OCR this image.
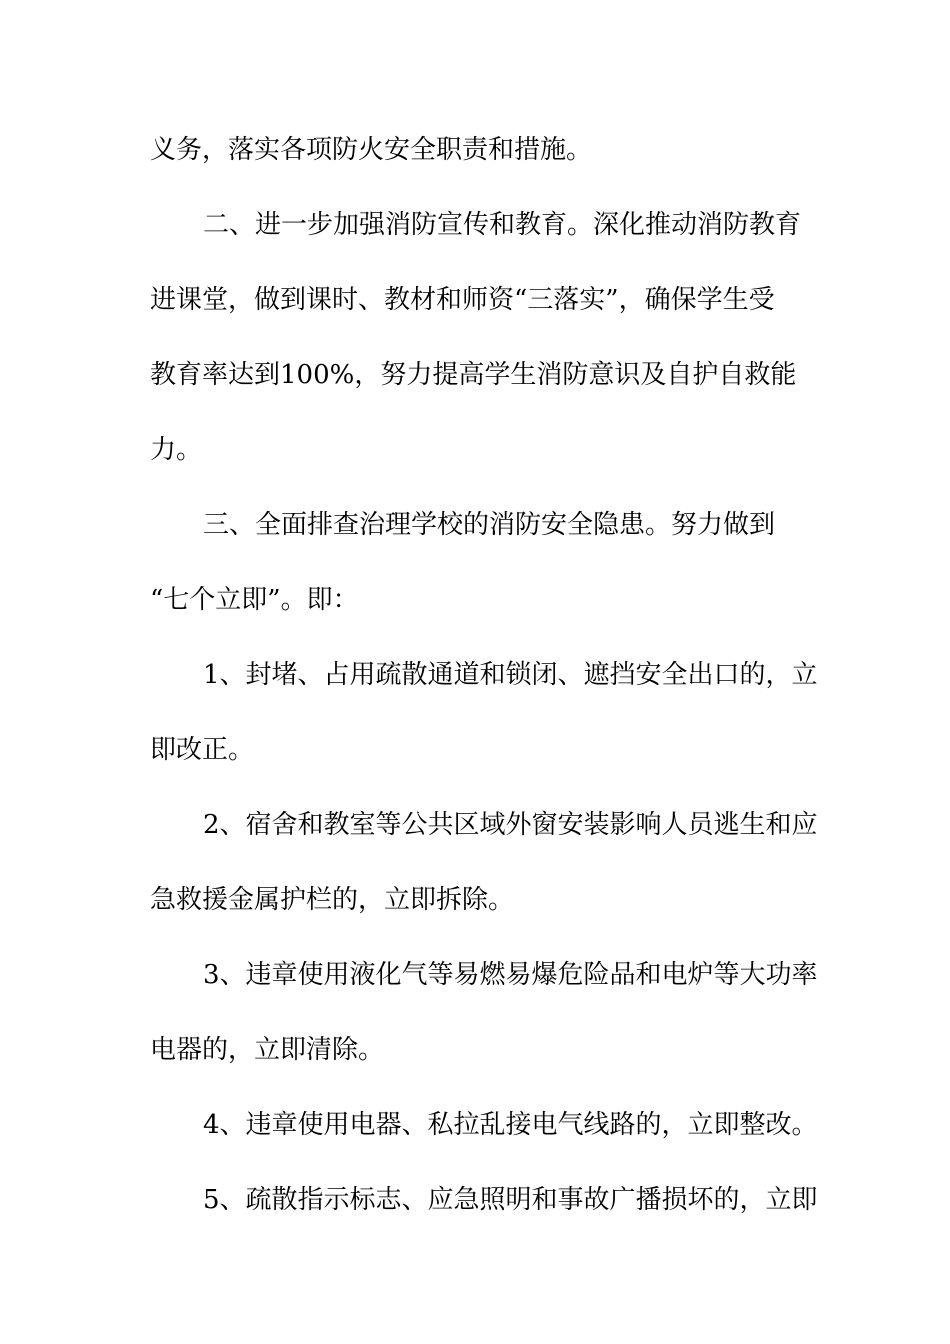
义务，落实各项防火安全职责和措施。
二、进一步加强消防宣传和教育。深化推动消防教育
进课堂，做到课时、教材和师资“三落实”，确保学生受
教育率达到100%，努力提高学生消防意识及自护自救能
力。
三、全面排查治理学校的消防安全隐患。努力做到
“七个立即”。即：
1、封堵、占用疏散通道和锁闭、遮挡安全出口的，立
即改正。
2、宿舍和教室等公共区域外窗安装影响人员逃生和应
急救援金属护栏的，立即拆除。
3、违章使用液化气等易燃易爆危险品和电炉等大功率
电器的，立即清除。
4、违章使用电器、私拉乱接电气线路的，立即整改。
5、疏散指示标志、应急照明和事故广播损坏的，立即
